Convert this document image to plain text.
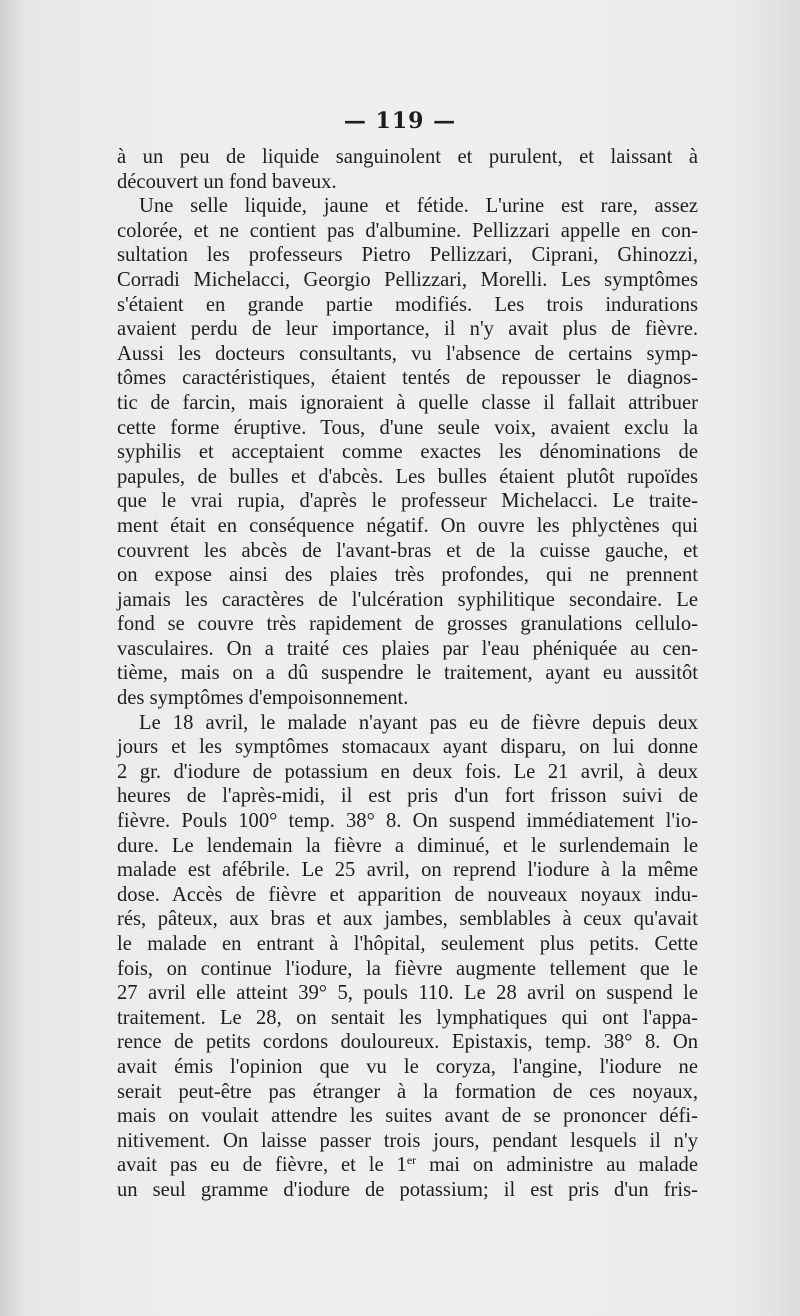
— 119 —
à un peu de liquide sanguinolent et purulent, et laissant à
découvert un fond baveux.
Une selle liquide, jaune et fétide. L'urine est rare, assez
colorée, et ne contient pas d'albumine. Pellizzari appelle en con-
sultation les professeurs Pietro Pellizzari, Ciprani, Ghinozzi,
Corradi Michelacci, Georgio Pellizzari, Morelli. Les symptômes
s'étaient en grande partie modifiés. Les trois indurations
avaient perdu de leur importance, il n'y avait plus de fièvre.
Aussi les docteurs consultants, vu l'absence de certains symp-
tômes caractéristiques, étaient tentés de repousser le diagnos-
tic de farcin, mais ignoraient à quelle classe il fallait attribuer
cette forme éruptive. Tous, d'une seule voix, avaient exclu la
syphilis et acceptaient comme exactes les dénominations de
papules, de bulles et d'abcès. Les bulles étaient plutôt rupoïdes
que le vrai rupia, d'après le professeur Michelacci. Le traite-
ment était en conséquence négatif. On ouvre les phlyctènes qui
couvrent les abcès de l'avant-bras et de la cuisse gauche, et
on expose ainsi des plaies très profondes, qui ne prennent
jamais les caractères de l'ulcération syphilitique secondaire. Le
fond se couvre très rapidement de grosses granulations cellulo-
vasculaires. On a traité ces plaies par l'eau phéniquée au cen-
tième, mais on a dû suspendre le traitement, ayant eu aussitôt
des symptômes d'empoisonnement.
Le 18 avril, le malade n'ayant pas eu de fièvre depuis deux
jours et les symptômes stomacaux ayant disparu, on lui donne
2 gr. d'iodure de potassium en deux fois. Le 21 avril, à deux
heures de l'après-midi, il est pris d'un fort frisson suivi de
fièvre. Pouls 100° temp. 38° 8. On suspend immédiatement l'io-
dure. Le lendemain la fièvre a diminué, et le surlendemain le
malade est afébrile. Le 25 avril, on reprend l'iodure à la même
dose. Accès de fièvre et apparition de nouveaux noyaux indu-
rés, pâteux, aux bras et aux jambes, semblables à ceux qu'avait
le malade en entrant à l'hôpital, seulement plus petits. Cette
fois, on continue l'iodure, la fièvre augmente tellement que le
27 avril elle atteint 39° 5, pouls 110. Le 28 avril on suspend le
traitement. Le 28, on sentait les lymphatiques qui ont l'appa-
rence de petits cordons douloureux. Epistaxis, temp. 38° 8. On
avait émis l'opinion que vu le coryza, l'angine, l'iodure ne
serait peut-être pas étranger à la formation de ces noyaux,
mais on voulait attendre les suites avant de se prononcer défi-
nitivement. On laisse passer trois jours, pendant lesquels il n'y
avait pas eu de fièvre, et le 1er mai on administre au malade
un seul gramme d'iodure de potassium; il est pris d'un fris-
